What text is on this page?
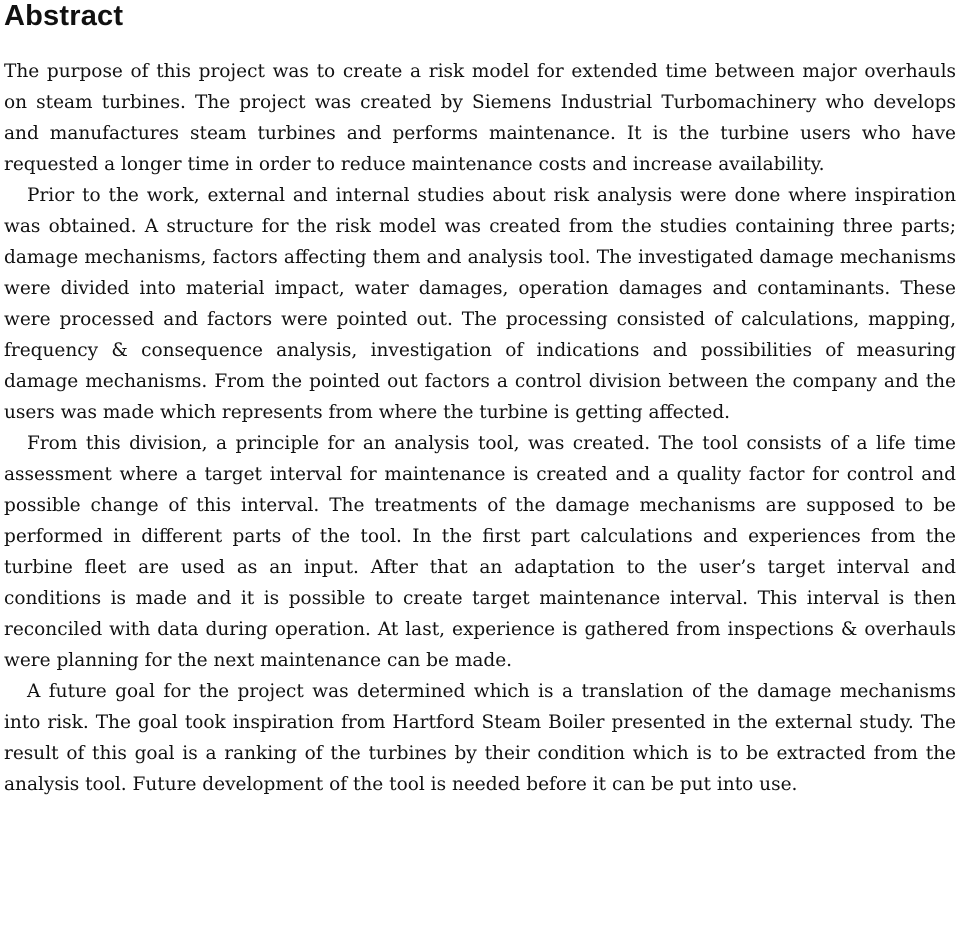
Abstract

The purpose of this project was to create a risk model for extended time between major overhauls on steam turbines. The project was created by Siemens Industrial Turbomachinery who develops and manufactures steam turbines and performs maintenance. It is the turbine users who have requested a longer time in order to reduce maintenance costs and increase availability.

Prior to the work, external and internal studies about risk analysis were done where inspiration was obtained. A structure for the risk model was created from the studies containing three parts; damage mechanisms, factors affecting them and analysis tool. The investigated damage mechanisms were divided into material impact, water damages, operation damages and contaminants. These were processed and factors were pointed out. The processing consisted of calculations, mapping, frequency & consequence analysis, investigation of indications and possibilities of measuring damage mechanisms. From the pointed out factors a control division between the company and the users was made which represents from where the turbine is getting affected.

From this division, a principle for an analysis tool, was created. The tool consists of a life time assessment where a target interval for maintenance is created and a quality factor for control and possible change of this interval. The treatments of the damage mechanisms are supposed to be performed in different parts of the tool. In the first part calculations and experiences from the turbine fleet are used as an input. After that an adaptation to the user’s target interval and conditions is made and it is possible to create target maintenance interval. This interval is then reconciled with data during operation. At last, experience is gathered from inspections & overhauls were planning for the next maintenance can be made.

A future goal for the project was determined which is a translation of the damage mechanisms into risk. The goal took inspiration from Hartford Steam Boiler presented in the external study. The result of this goal is a ranking of the turbines by their condition which is to be extracted from the analysis tool. Future development of the tool is needed before it can be put into use.
